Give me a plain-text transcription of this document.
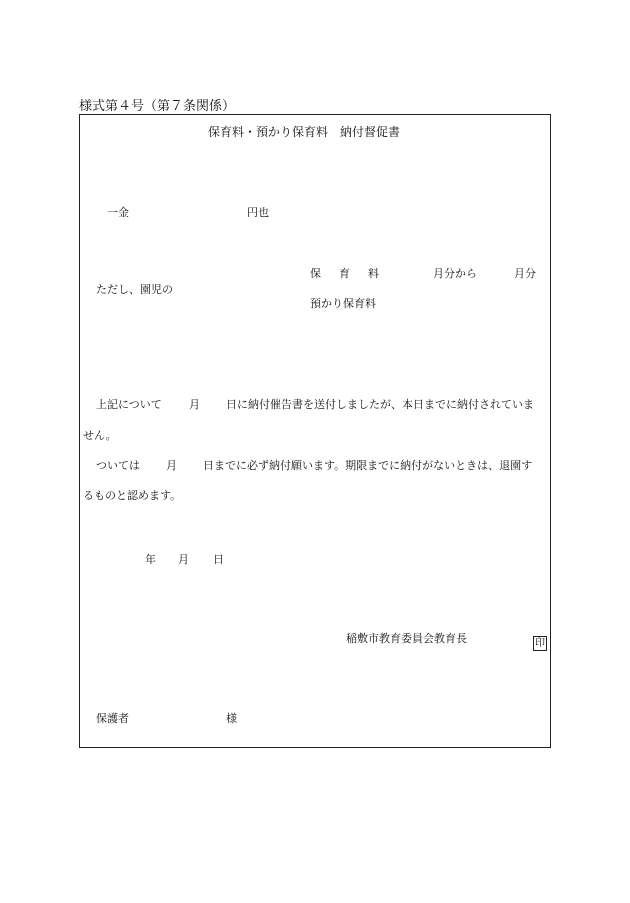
様式第４号（第７条関係）
保育料・預かり保育料　納付督促書
一金	円也
保 育 料	月分から	月分
ただし、園児の
預かり保育料
上記について 月 日に納付催告書を送付しましたが、本日までに納付されていま
せん。
ついては 月 日までに必ず納付願います。期限までに納付がないときは、退園す
るものと認めます。
年 月 日
稲敷市教育委員会教育長	印
保護者	様
